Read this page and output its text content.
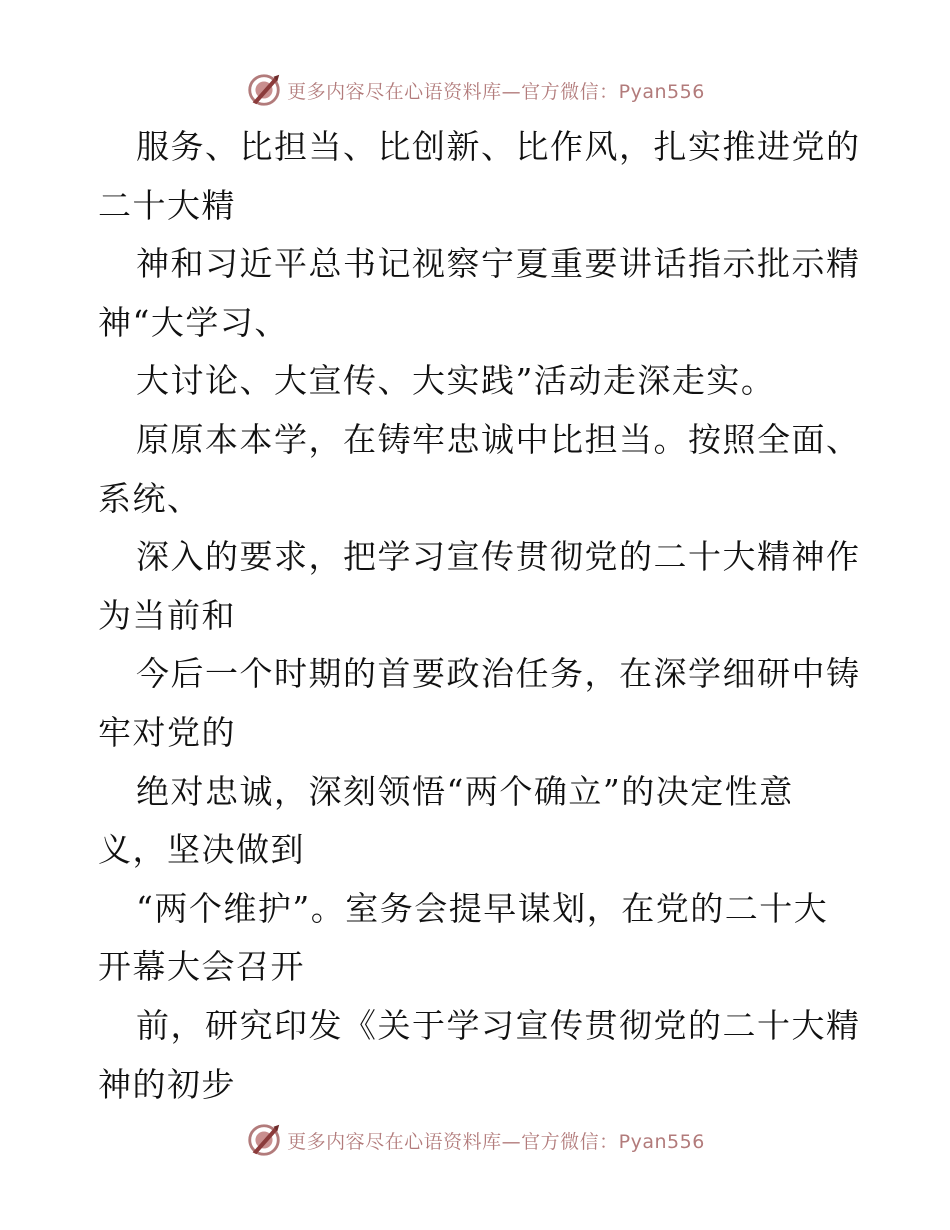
更多内容尽在心语资料库—官方微信：Pyan556
服务、比担当、比创新、比作风，扎实推进党的
二十大精
神和习近平总书记视察宁夏重要讲话指示批示精
神“大学习、
大讨论、大宣传、大实践”活动走深走实。
原原本本学，在铸牢忠诚中比担当。按照全面、
系统、
深入的要求，把学习宣传贯彻党的二十大精神作
为当前和
今后一个时期的首要政治任务，在深学细研中铸
牢对党的
绝对忠诚，深刻领悟“两个确立”的决定性意
义，坚决做到
“两个维护”。室务会提早谋划，在党的二十大
开幕大会召开
前，研究印发《关于学习宣传贯彻党的二十大精
神的初步
更多内容尽在心语资料库—官方微信：Pyan556
